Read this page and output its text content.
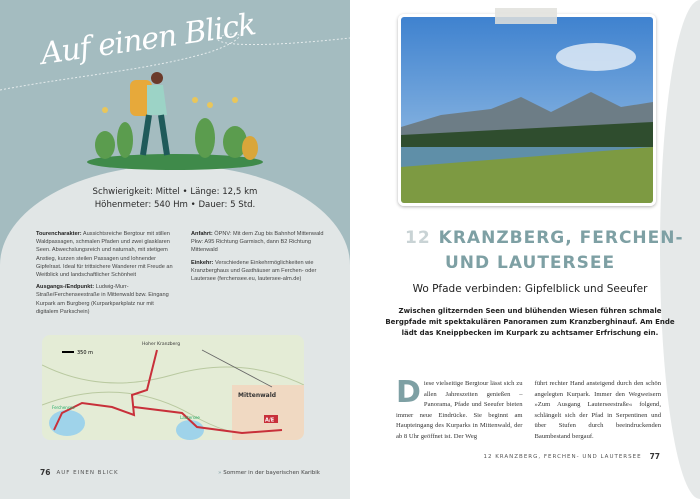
Auf einen Blick
Schwierigkeit: Mittel • Länge: 12,5 km
Höhenmeter: 540 Hm • Dauer: 5 Std.

Tourencharakter: Aussichtsreiche Bergtour mit stillen Waldpassagen, schmalen Pfaden und zwei glasklaren Seen. Abwechslungsreich und naturnah, mit stetigem Anstieg, kurzen steilen Passagen und lohnender Gipfelrast. Ideal für trittsichere Wanderer mit Freude an Weitblick und landschaftlicher Schönheit

Ausgangs-/Endpunkt: Ludwig-Murr-Straße/Ferchenseestraße in Mittenwald bzw. Eingang Kurpark am Burgberg (Kurparkparkplatz nur mit digitalem Parkschein)

Anfahrt: ÖPNV: Mit dem Zug bis Bahnhof Mittenwald
Pkw: A95 Richtung Garmisch, dann B2 Richtung Mittenwald

Einkehr: Verschiedene Einkehrmöglichkeiten wie Kranzberghaus und Gasthäuser am Ferchen- oder Lautersee (ferchensee.eu, lautersee-alm.de)

350 m
Hoher Kranzberg
Mittenwald
Lautersee
Ferchensee
A/E
76 AUF EINEN BLICK	» Sommer in der bayerischen Karibik
12 KRANZBERG, FERCHEN-
UND LAUTERSEE
Wo Pfade verbinden: Gipfelblick und Seeufer
Zwischen glitzernden Seen und blühenden Wiesen führen schmale Bergpfade mit spektakulären Panoramen zum Kranzberghinauf. Am Ende lädt das Kneippbecken im Kurpark zu achtsamer Erfrischung ein.
Diese vielseitige Bergtour lässt sich zu allen Jahreszeiten genießen – Panorama, Pfade und Seeufer bieten immer neue Eindrücke. Sie beginnt am Haupteingang des Kurparks in Mittenwald, der ab 8 Uhr geöffnet ist. Der Weg
führt rechter Hand ansteigend durch den schön angelegten Kurpark. Immer den Wegweisern »Zum Ausgang Lauterseestraße« folgend, schlängelt sich der Pfad in Serpentinen und über Stufen durch beeindruckenden Baumbestand bergauf.
12 KRANZBERG, FERCHEN- UND LAUTERSEE 77
